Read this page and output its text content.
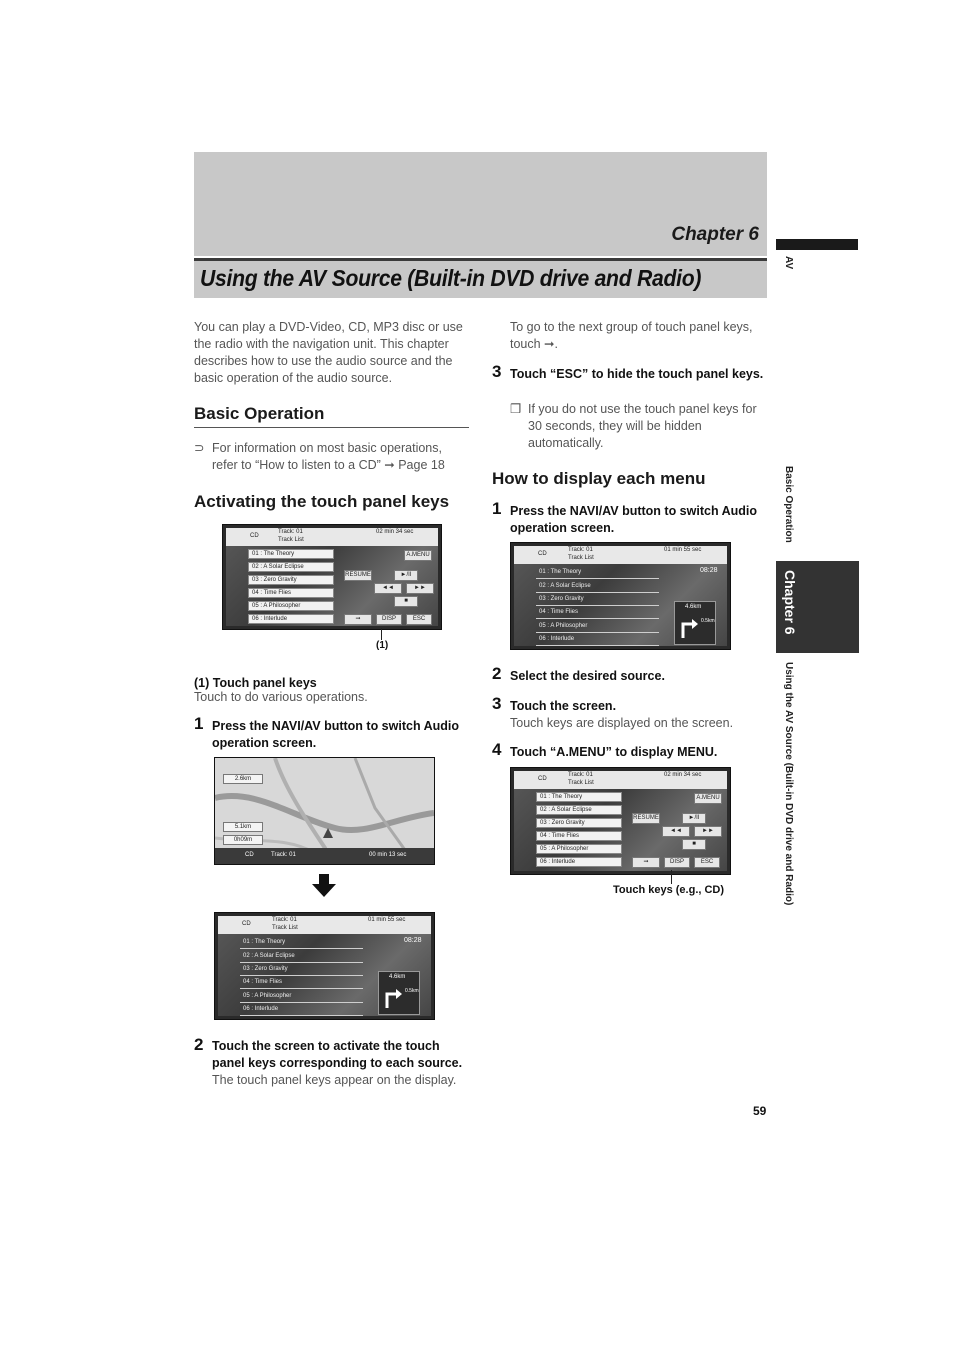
Chapter 6
Using the AV Source (Built-in DVD drive and Radio)
AV
Basic Operation
Chapter 6
Using the AV Source (Built-in DVD drive and Radio)

You can play a DVD-Video, CD, MP3 disc or use the radio with the navigation unit. This chapter describes how to use the audio source and the basic operation of the audio source.

Basic Operation
⊃ For information on most basic operations, refer to “How to listen to a CD” ➞ Page 18

Activating the touch panel keys
CD
Track: 01
Track List
02 min 34 sec
01 : The Theory
02 : A Solar Eclipse
03 : Zero Gravity
04 : Time Flies
05 : A Philosopher
06 : Interlude
A.MENU
RESUME	►/II
◄◄	►►
■
➞	DISP	ESC
(1)
(1) Touch panel keys
Touch to do various operations.
1 Press the NAVI/AV button to switch Audio operation screen.

2.6km
5.1km
0h09m
CD	Track: 01	00 min 13 sec
CD
Track: 01
Track List
01 min 55 sec
08:28
01 : The Theory
02 : A Solar Eclipse
03 : Zero Gravity
04 : Time Flies
05 : A Philosopher
06 : Interlude
4.6km
0.5km
2 Touch the screen to activate the touch panel keys corresponding to each source.

The touch panel keys appear on the display.

To go to the next group of touch panel keys, touch ➞.

3 Touch “ESC” to hide the touch panel keys.

❒ If you do not use the touch panel keys for 30 seconds, they will be hidden automatically.

How to display each menu
1 Press the NAVI/AV button to switch Audio operation screen.

CD
Track: 01
Track List
01 min 55 sec
08:28
01 : The Theory
02 : A Solar Eclipse
03 : Zero Gravity
04 : Time Flies
05 : A Philosopher
06 : Interlude
4.6km
0.5km
2 Select the desired source.

3 Touch the screen.

Touch keys are displayed on the screen.

4 Touch “A.MENU” to display MENU.

CD
Track: 01
Track List
02 min 34 sec
01 : The Theory
02 : A Solar Eclipse
03 : Zero Gravity
04 : Time Flies
05 : A Philosopher
06 : Interlude
A.MENU
RESUME	►/II
◄◄	►►
■
➞	DISP	ESC
Touch keys (e.g., CD)
59
